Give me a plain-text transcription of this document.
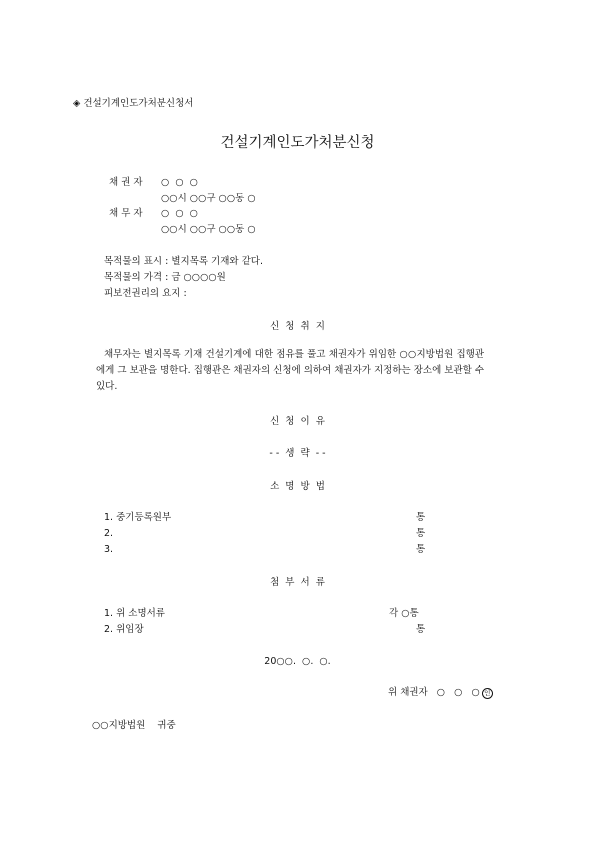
◈ 건설기계인도가처분신청서
건설기계인도가처분신청
채 권 자 ○  ○  ○
○○시 ○○구 ○○동 ○
채 무 자 ○  ○  ○
○○시 ○○구 ○○동 ○
목적물의 표시 : 별지목록 기재와 같다.
목적물의 가격 : 금 ○○○○원
피보전권리의 요지 :
신  청  취  지
채무자는 별지목록 기재 건설기계에 대한 점유를 풀고 채권자가 위임한 ○○지방법원 집행관에게 그 보관을 명한다. 집행관은 채권자의 신청에 의하여 채권자가 지정하는 장소에 보관할 수 있다.
신  청  이  유
- -  생  략  - -
소  명  방  법
1. 중기등록원부	통
2.	통
3.	통
첨  부  서  류
1. 위 소명서류	각 ○통
2. 위임장	통
20○○.  ○.  ○.
위 채권자   ○   ○   ○ 인
○○지방법원    귀중
